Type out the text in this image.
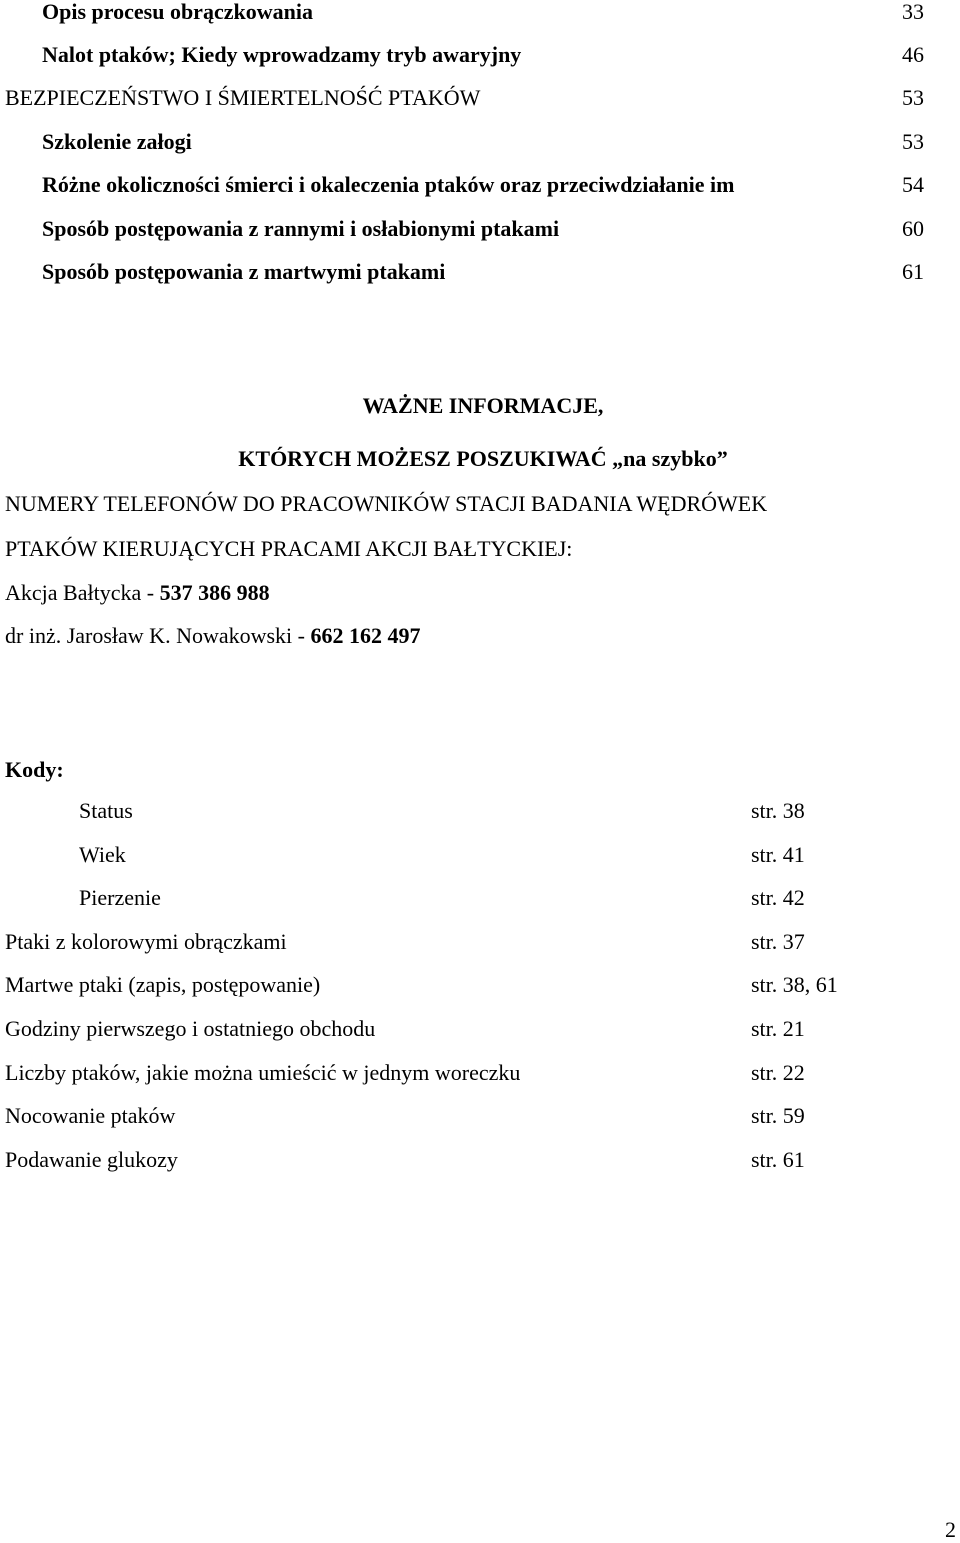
Opis procesu obrączkowania	33
Nalot ptaków; Kiedy wprowadzamy tryb awaryjny	46
BEZPIECZEŃSTWO I ŚMIERTELNOŚĆ PTAKÓW	53
Szkolenie załogi	53
Różne okoliczności śmierci i okaleczenia ptaków oraz przeciwdziałanie im	54
Sposób postępowania z rannymi i osłabionymi ptakami	60
Sposób postępowania z martwymi ptakami	61
WAŻNE INFORMACJE,
KTÓRYCH MOŻESZ POSZUKIWAĆ „na szybko”
NUMERY TELEFONÓW DO PRACOWNIKÓW STACJI BADANIA WĘDRÓWEK
PTAKÓW KIERUJĄCYCH PRACAMI AKCJI BAŁTYCKIEJ:
Akcja Bałtycka - 537 386 988
dr inż. Jarosław K. Nowakowski - 662 162 497
Kody:
Status	str. 38
Wiek	str. 41
Pierzenie	str. 42
Ptaki z kolorowymi obrączkami	str. 37
Martwe ptaki (zapis, postępowanie)	str. 38, 61
Godziny pierwszego i ostatniego obchodu	str. 21
Liczby ptaków, jakie można umieścić w jednym woreczku	str. 22
Nocowanie ptaków	str. 59
Podawanie glukozy	str. 61
2
